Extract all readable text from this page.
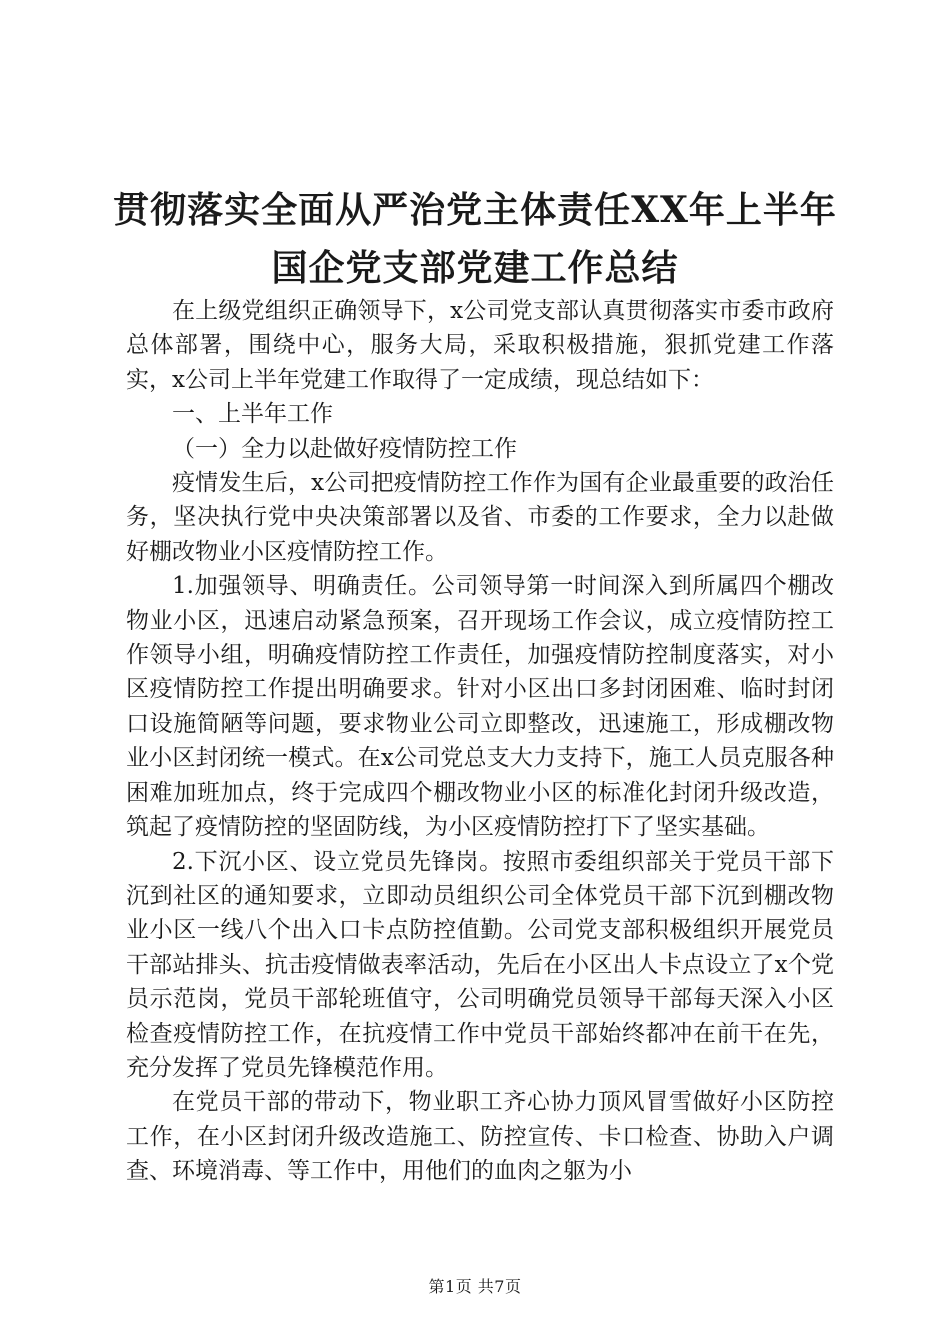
贯彻落实全面从严治党主体责任XX年上半年
国企党支部党建工作总结

在上级党组织正确领导下，x公司党支部认真贯彻落实市委市政府总体部署，围绕中心，服务大局，采取积极措施，狠抓党建工作落实，x公司上半年党建工作取得了一定成绩，现总结如下：

一、上半年工作

（一）全力以赴做好疫情防控工作

疫情发生后，x公司把疫情防控工作作为国有企业最重要的政治任务，坚决执行党中央决策部署以及省、市委的工作要求，全力以赴做好棚改物业小区疫情防控工作。

1.加强领导、明确责任。公司领导第一时间深入到所属四个棚改物业小区，迅速启动紧急预案，召开现场工作会议，成立疫情防控工作领导小组，明确疫情防控工作责任，加强疫情防控制度落实，对小区疫情防控工作提出明确要求。针对小区出口多封闭困难、临时封闭口设施简陋等问题，要求物业公司立即整改，迅速施工，形成棚改物业小区封闭统一模式。在x公司党总支大力支持下，施工人员克服各种困难加班加点，终于完成四个棚改物业小区的标准化封闭升级改造，筑起了疫情防控的坚固防线，为小区疫情防控打下了坚实基础。

2.下沉小区、设立党员先锋岗。按照市委组织部关于党员干部下沉到社区的通知要求，立即动员组织公司全体党员干部下沉到棚改物业小区一线八个出入口卡点防控值勤。公司党支部积极组织开展党员干部站排头、抗击疫情做表率活动，先后在小区出人卡点设立了x个党员示范岗，党员干部轮班值守，公司明确党员领导干部每天深入小区检查疫情防控工作，在抗疫情工作中党员干部始终都冲在前干在先，充分发挥了党员先锋模范作用。

在党员干部的带动下，物业职工齐心协力顶风冒雪做好小区防控工作，在小区封闭升级改造施工、防控宣传、卡口检查、协助入户调查、环境消毒、等工作中，用他们的血肉之躯为小

第1页 共7页
